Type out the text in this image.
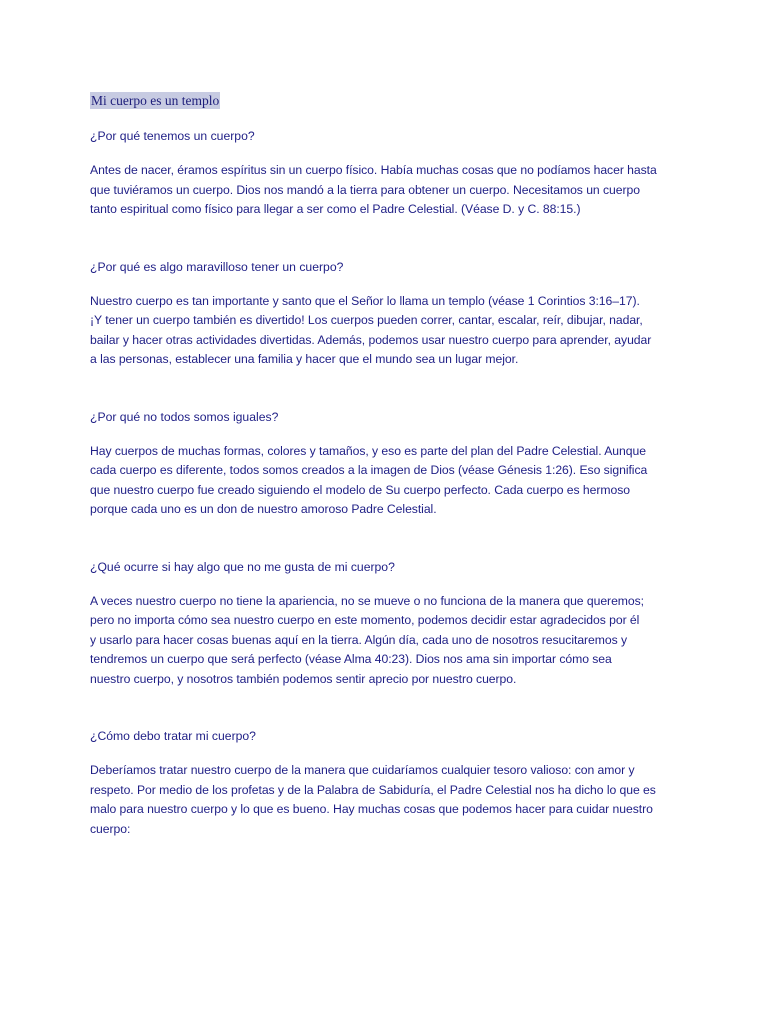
Mi cuerpo es un templo
¿Por qué tenemos un cuerpo?
Antes de nacer, éramos espíritus sin un cuerpo físico. Había muchas cosas que no podíamos hacer hasta
que tuviéramos un cuerpo. Dios nos mandó a la tierra para obtener un cuerpo. Necesitamos un cuerpo
tanto espiritual como físico para llegar a ser como el Padre Celestial. (Véase D. y C. 88:15.)
¿Por qué es algo maravilloso tener un cuerpo?
Nuestro cuerpo es tan importante y santo que el Señor lo llama un templo (véase 1 Corintios 3:16–17).
¡Y tener un cuerpo también es divertido! Los cuerpos pueden correr, cantar, escalar, reír, dibujar, nadar,
bailar y hacer otras actividades divertidas. Además, podemos usar nuestro cuerpo para aprender, ayudar
a las personas, establecer una familia y hacer que el mundo sea un lugar mejor.
¿Por qué no todos somos iguales?
Hay cuerpos de muchas formas, colores y tamaños, y eso es parte del plan del Padre Celestial. Aunque
cada cuerpo es diferente, todos somos creados a la imagen de Dios (véase Génesis 1:26). Eso significa
que nuestro cuerpo fue creado siguiendo el modelo de Su cuerpo perfecto. Cada cuerpo es hermoso
porque cada uno es un don de nuestro amoroso Padre Celestial.
¿Qué ocurre si hay algo que no me gusta de mi cuerpo?
A veces nuestro cuerpo no tiene la apariencia, no se mueve o no funciona de la manera que queremos;
pero no importa cómo sea nuestro cuerpo en este momento, podemos decidir estar agradecidos por él
y usarlo para hacer cosas buenas aquí en la tierra. Algún día, cada uno de nosotros resucitaremos y
tendremos un cuerpo que será perfecto (véase Alma 40:23). Dios nos ama sin importar cómo sea
nuestro cuerpo, y nosotros también podemos sentir aprecio por nuestro cuerpo.
¿Cómo debo tratar mi cuerpo?
Deberíamos tratar nuestro cuerpo de la manera que cuidaríamos cualquier tesoro valioso: con amor y
respeto. Por medio de los profetas y de la Palabra de Sabiduría, el Padre Celestial nos ha dicho lo que es
malo para nuestro cuerpo y lo que es bueno. Hay muchas cosas que podemos hacer para cuidar nuestro
cuerpo:
